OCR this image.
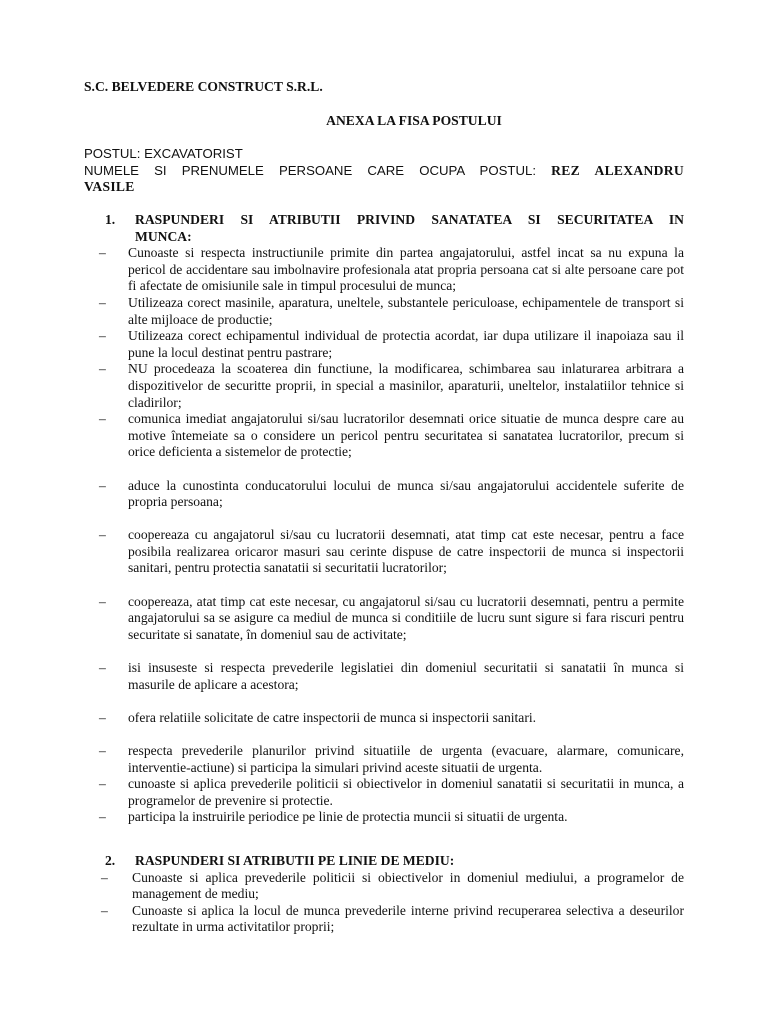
S.C. BELVEDERE CONSTRUCT S.R.L.
ANEXA LA FISA POSTULUI
POSTUL: EXCAVATORIST
NUMELE SI PRENUMELE PERSOANE CARE OCUPA POSTUL: REZ ALEXANDRU
VASILE
1.	RASPUNDERI SI ATRIBUTII PRIVIND SANATATEA SI SECURITATEA IN
MUNCA:
–	Cunoaste si respecta instructiunile primite din partea angajatorului, astfel incat sa nu expuna la pericol de accidentare sau imbolnavire profesionala atat propria persoana cat si alte persoane care pot fi afectate de omisiunile sale in timpul procesului de munca;
–	Utilizeaza corect masinile, aparatura, uneltele, substantele periculoase, echipamentele de transport si alte mijloace de productie;
–	Utilizeaza corect echipamentul individual de protectia acordat, iar dupa utilizare il inapoiaza sau il pune la locul destinat pentru pastrare;
–	NU procedeaza la scoaterea din functiune, la modificarea, schimbarea sau inlaturarea arbitrara a dispozitivelor de securitte proprii, in special a masinilor, aparaturii, uneltelor, instalatiilor tehnice si cladirilor;
–	comunica imediat angajatorului si/sau lucratorilor desemnati orice situatie de munca despre care au motive întemeiate sa o considere un pericol pentru securitatea si sanatatea lucratorilor, precum si orice deficienta a sistemelor de protectie;
–	aduce la cunostinta conducatorului locului de munca si/sau angajatorului accidentele suferite de propria persoana;
–	coopereaza cu angajatorul si/sau cu lucratorii desemnati, atat timp cat este necesar, pentru a face posibila realizarea oricaror masuri sau cerinte dispuse de catre inspectorii de munca si inspectorii sanitari, pentru protectia sanatatii si securitatii lucratorilor;
–	coopereaza, atat timp cat este necesar, cu angajatorul si/sau cu lucratorii desemnati, pentru a permite angajatorului sa se asigure ca mediul de munca si conditiile de lucru sunt sigure si fara riscuri pentru securitate si sanatate, în domeniul sau de activitate;
–	isi insuseste si respecta prevederile legislatiei din domeniul securitatii si sanatatii în munca si masurile de aplicare a acestora;
–	ofera relatiile solicitate de catre inspectorii de munca si inspectorii sanitari.
–	respecta prevederile planurilor privind situatiile de urgenta (evacuare, alarmare, comunicare, interventie-actiune) si participa la simulari privind aceste situatii de urgenta.
–	cunoaste si aplica prevederile politicii si obiectivelor in domeniul sanatatii si securitatii in munca, a programelor de prevenire si protectie.
–	participa la instruirile periodice pe linie de protectia muncii si situatii de urgenta.
2.	RASPUNDERI SI ATRIBUTII PE LINIE DE MEDIU:
–	Cunoaste si aplica prevederile politicii si obiectivelor in domeniul mediului, a programelor de management de mediu;
–	Cunoaste si aplica la locul de munca prevederile interne privind recuperarea selectiva a deseurilor rezultate in urma activitatilor proprii;
